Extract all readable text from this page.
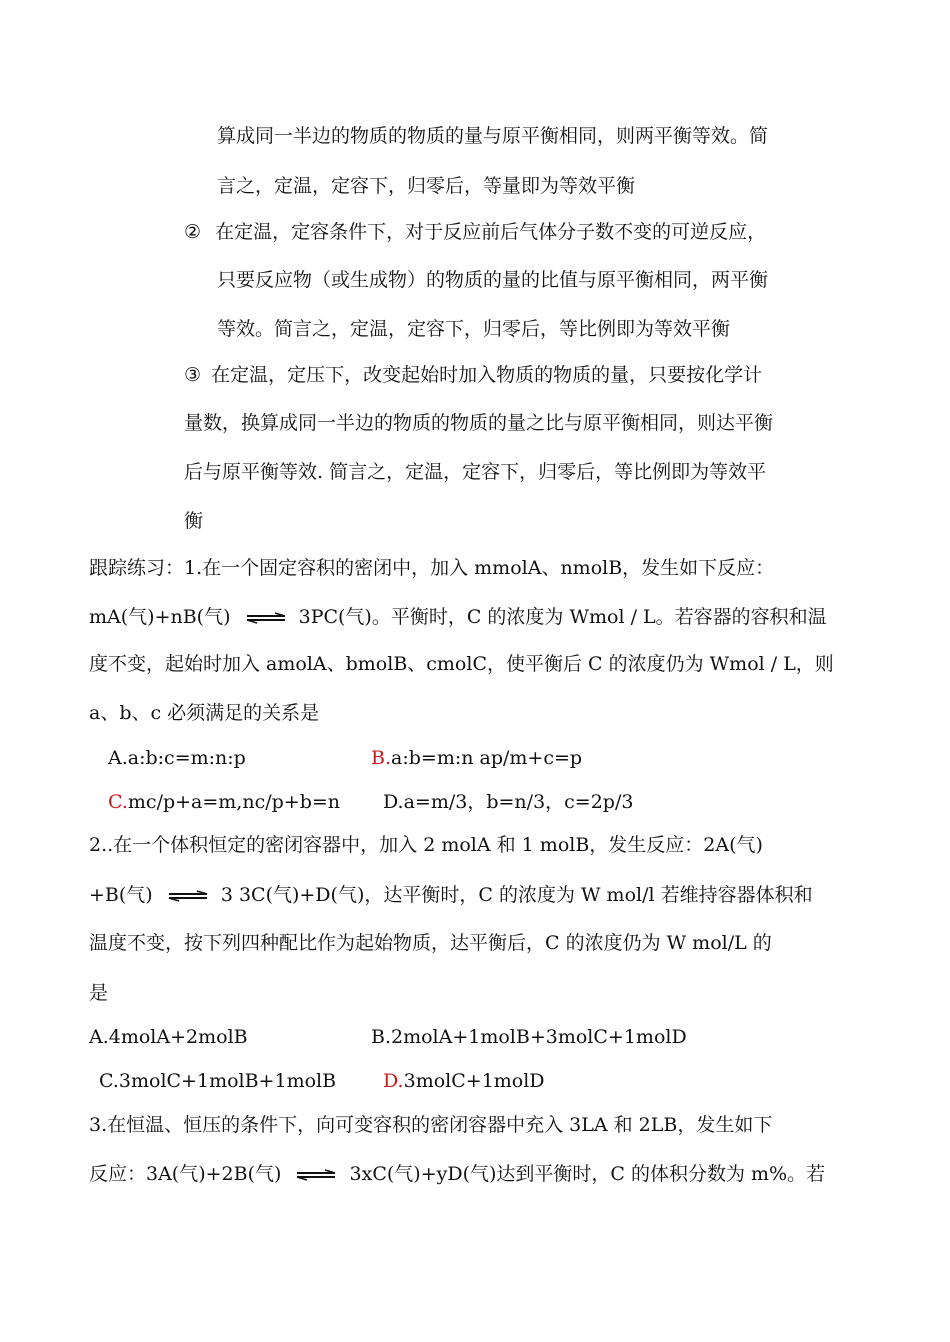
算成同一半边的物质的物质的量与原平衡相同，则两平衡等效。简
言之，定温，定容下，归零后，等量即为等效平衡
② 在定温，定容条件下，对于反应前后气体分子数不变的可逆反应，
只要反应物（或生成物）的物质的量的比值与原平衡相同，两平衡
等效。简言之，定温，定容下，归零后，等比例即为等效平衡
③ 在定温，定压下，改变起始时加入物质的物质的量，只要按化学计
量数，换算成同一半边的物质的物质的量之比与原平衡相同，则达平衡
后与原平衡等效. 简言之，定温，定容下，归零后，等比例即为等效平
衡
跟踪练习：1.在一个固定容积的密闭中，加入 mmolA、nmolB，发生如下反应：
mA(气)+nB(气) ⇌ 3PC(气)。平衡时，C 的浓度为 Wmol / L。若容器的容积和温
度不变，起始时加入 amolA、bmolB、cmolC，使平衡后 C 的浓度仍为 Wmol / L，则
a、b、c 必须满足的关系是
A.a:b:c=m:n:p	B.a:b=m:n ap/m+c=p
C.mc/p+a=m,nc/p+b=n D.a=m/3，b=n/3，c=2p/3
2..在一个体积恒定的密闭容器中，加入 2 molA 和 1 molB，发生反应：2A(气)
+B(气) ⇌ 3 3C(气)+D(气)，达平衡时，C 的浓度为 W mol/l 若维持容器体积和
温度不变，按下列四种配比作为起始物质，达平衡后，C 的浓度仍为 W mol/L 的
是
A.4molA+2molB	B.2molA+1molB+3molC+1molD
C.3molC+1molB+1molB D.3molC+1molD
3.在恒温、恒压的条件下，向可变容积的密闭容器中充入 3LA 和 2LB，发生如下
反应：3A(气)+2B(气) ⇌ 3xC(气)+yD(气)达到平衡时，C 的体积分数为 m%。若
